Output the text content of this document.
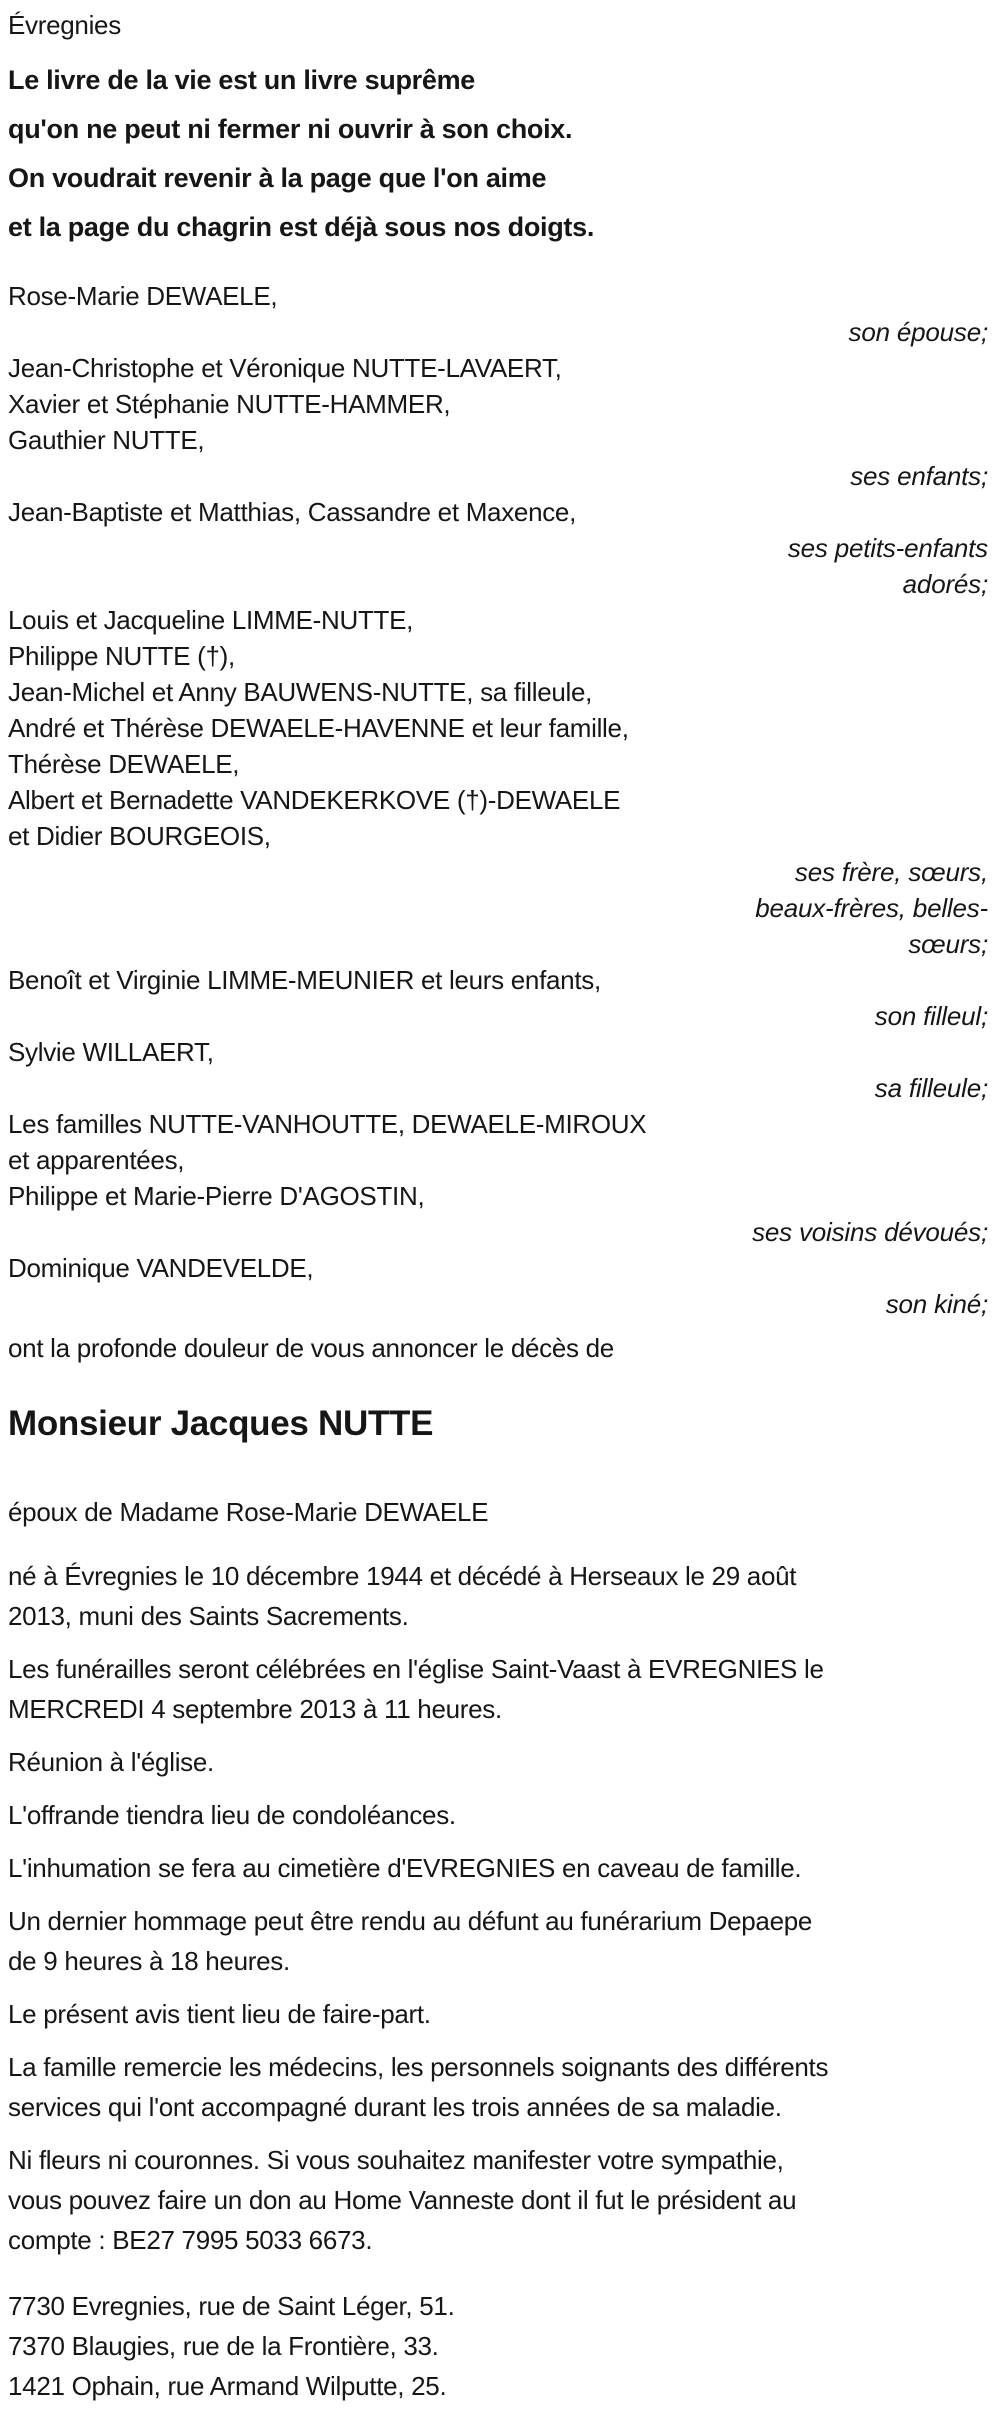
Évregnies
Le livre de la vie est un livre suprême
qu'on ne peut ni fermer ni ouvrir à son choix.
On voudrait revenir à la page que l'on aime
et la page du chagrin est déjà sous nos doigts.
Rose-Marie DEWAELE,
son épouse;
Jean-Christophe et Véronique NUTTE-LAVAERT,
Xavier et Stéphanie NUTTE-HAMMER,
Gauthier NUTTE,
ses enfants;
Jean-Baptiste et Matthias, Cassandre et Maxence,
ses petits-enfants
adorés;
Louis et Jacqueline LIMME-NUTTE,
Philippe NUTTE (†),
Jean-Michel et Anny BAUWENS-NUTTE, sa filleule,
André et Thérèse DEWAELE-HAVENNE et leur famille,
Thérèse DEWAELE,
Albert et Bernadette VANDEKERKOVE (†)-DEWAELE
et Didier BOURGEOIS,
ses frère, sœurs,
beaux-frères, belles-
sœurs;
Benoît et Virginie LIMME-MEUNIER et leurs enfants,
son filleul;
Sylvie WILLAERT,
sa filleule;
Les familles NUTTE-VANHOUTTE, DEWAELE-MIROUX
et apparentées,
Philippe et Marie-Pierre D'AGOSTIN,
ses voisins dévoués;
Dominique VANDEVELDE,
son kiné;
ont la profonde douleur de vous annoncer le décès de
Monsieur Jacques NUTTE
époux de Madame Rose-Marie DEWAELE
né à Évregnies le 10 décembre 1944 et décédé à Herseaux le 29 août
2013, muni des Saints Sacrements.
Les funérailles seront célébrées en l'église Saint-Vaast à EVREGNIES le
MERCREDI 4 septembre 2013 à 11 heures.
Réunion à l'église.
L'offrande tiendra lieu de condoléances.
L'inhumation se fera au cimetière d'EVREGNIES en caveau de famille.
Un dernier hommage peut être rendu au défunt au funérarium Depaepe
de 9 heures à 18 heures.
Le présent avis tient lieu de faire-part.
La famille remercie les médecins, les personnels soignants des différents
services qui l'ont accompagné durant les trois années de sa maladie.
Ni fleurs ni couronnes. Si vous souhaitez manifester votre sympathie,
vous pouvez faire un don au Home Vanneste dont il fut le président au
compte : BE27 7995 5033 6673.
7730 Evregnies, rue de Saint Léger, 51.
7370 Blaugies, rue de la Frontière, 33.
1421 Ophain, rue Armand Wilputte, 25.
